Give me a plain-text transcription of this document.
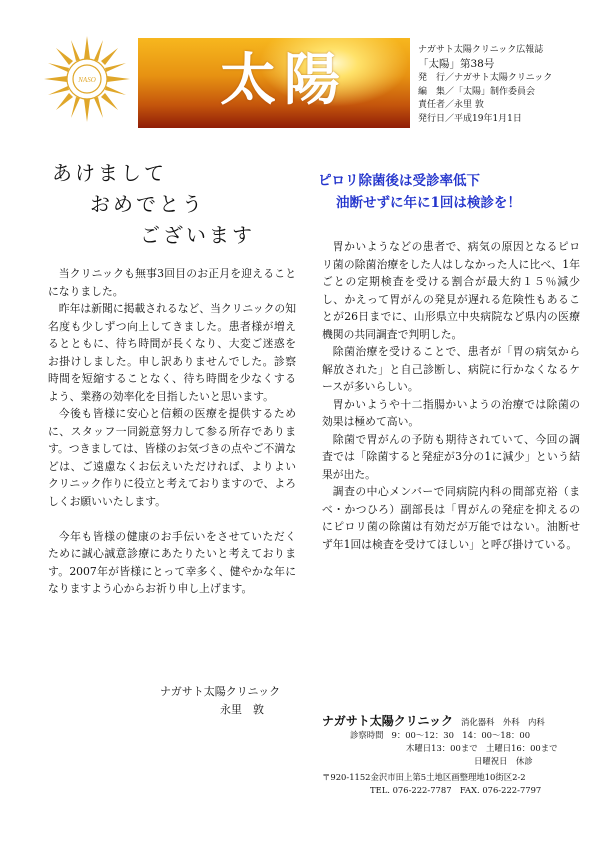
NASO 太陽	ナガサト太陽クリニック広報誌
「太陽」第38号
発　行／ナガサト太陽クリニック
編　集／「太陽」制作委員会
責任者／永里 敦
発行日／平成19年1月1日
あけまして
おめでとう
ございます

当クリニックも無事3回目のお正月を迎えることになりました。

昨年は新聞に掲載されるなど、当クリニックの知名度も少しずつ向上してきました。患者様が増えるとともに、待ち時間が長くなり、大変ご迷惑をお掛けしました。申し訳ありませんでした。診察時間を短縮することなく、待ち時間を少なくするよう、業務の効率化を目指したいと思います。

今後も皆様に安心と信頼の医療を提供するために、スタッフ一同鋭意努力して参る所存であります。つきましては、皆様のお気づきの点やご不満などは、ご遠慮なくお伝えいただければ、よりよいクリニック作りに役立と考えておりますので、よろしくお願いいたします。

今年も皆様の健康のお手伝いをさせていただくために誠心誠意診療にあたりたいと考えております。2007年が皆様にとって幸多く、健やかな年になりますよう心からお祈り申し上げます。

ナガサト太陽クリニック
永里　敦
ピロリ除菌後は受診率低下
油断せずに年に1回は検診を！

胃かいようなどの患者で、病気の原因となるピロリ菌の除菌治療をした人はしなかった人に比べ、1年ごとの定期検査を受ける割合が最大約１５％減少し、かえって胃がんの発見が遅れる危険性もあることが26日までに、山形県立中央病院など県内の医療機関の共同調査で判明した。

除菌治療を受けることで、患者が「胃の病気から解放された」と自己診断し、病院に行かなくなるケースが多いらしい。

胃かいようや十二指腸かいようの治療では除菌の効果は極めて高い。

除菌で胃がんの予防も期待されていて、今回の調査では「除菌すると発症が3分の1に減少」という結果が出た。

調査の中心メンバーで同病院内科の間部克裕（まべ・かつひろ）副部長は「胃がんの発症を抑えるのにピロリ菌の除菌は有効だが万能ではない。油断せず年1回は検査を受けてほしい」と呼び掛けている。

ナガサト太陽クリニック 消化器科　外科　内科
診察時間 9：00〜12：30　14：00〜18：00
木曜日13：00まで　土曜日16：00まで
日曜祝日　休診
〒920-1152金沢市田上第5土地区画整理地10街区2-2
TEL. 076-222-7787　FAX. 076-222-7797
